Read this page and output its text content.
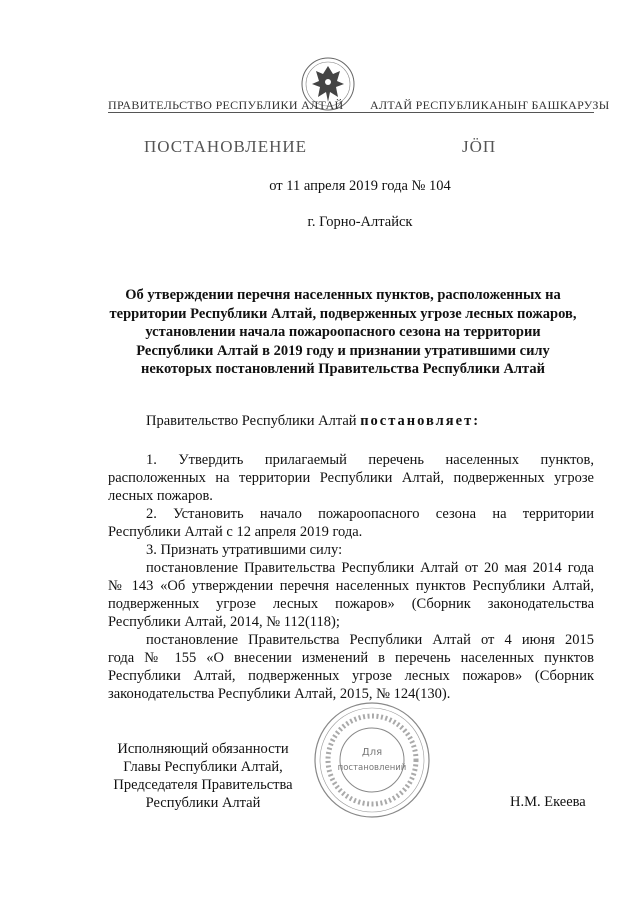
ПРАВИТЕЛЬСТВО РЕСПУБЛИКИ АЛТАЙ АЛТАЙ РЕСПУБЛИКАНЫҤ БАШКАРУЗЫ
ПОСТАНОВЛЕНИЕ	ЈӦП
от 11 апреля 2019 года № 104
г. Горно-Алтайск
Об утверждении перечня населенных пунктов, расположенных на
территории Республики Алтай, подверженных угрозе лесных пожаров,
установлении начала пожароопасного сезона на территории
Республики Алтай в 2019 году и признании утратившими силу
некоторых постановлений Правительства Республики Алтай
Правительство Республики Алтай постановляет:
1. Утвердить прилагаемый перечень населенных пунктов,
расположенных на территории Республики Алтай, подверженных угрозе
лесных пожаров.
2. Установить начало пожароопасного сезона на территории
Республики Алтай с 12 апреля 2019 года.
3. Признать утратившими силу:
постановление Правительства Республики Алтай от 20 мая 2014 года
№ 143 «Об утверждении перечня населенных пунктов Республики Алтай,
подверженных угрозе лесных пожаров» (Сборник законодательства
Республики Алтай, 2014, № 112(118);
постановление Правительства Республики Алтай от 4 июня 2015
года № 155 «О внесении изменений в перечень населенных пунктов
Республики Алтай, подверженных угрозе лесных пожаров» (Сборник
законодательства Республики Алтай, 2015, № 124(130).
Для
постановлений
Исполняющий обязанности
Главы Республики Алтай,
Председателя Правительства
Республики Алтай	Н.М. Екеева
